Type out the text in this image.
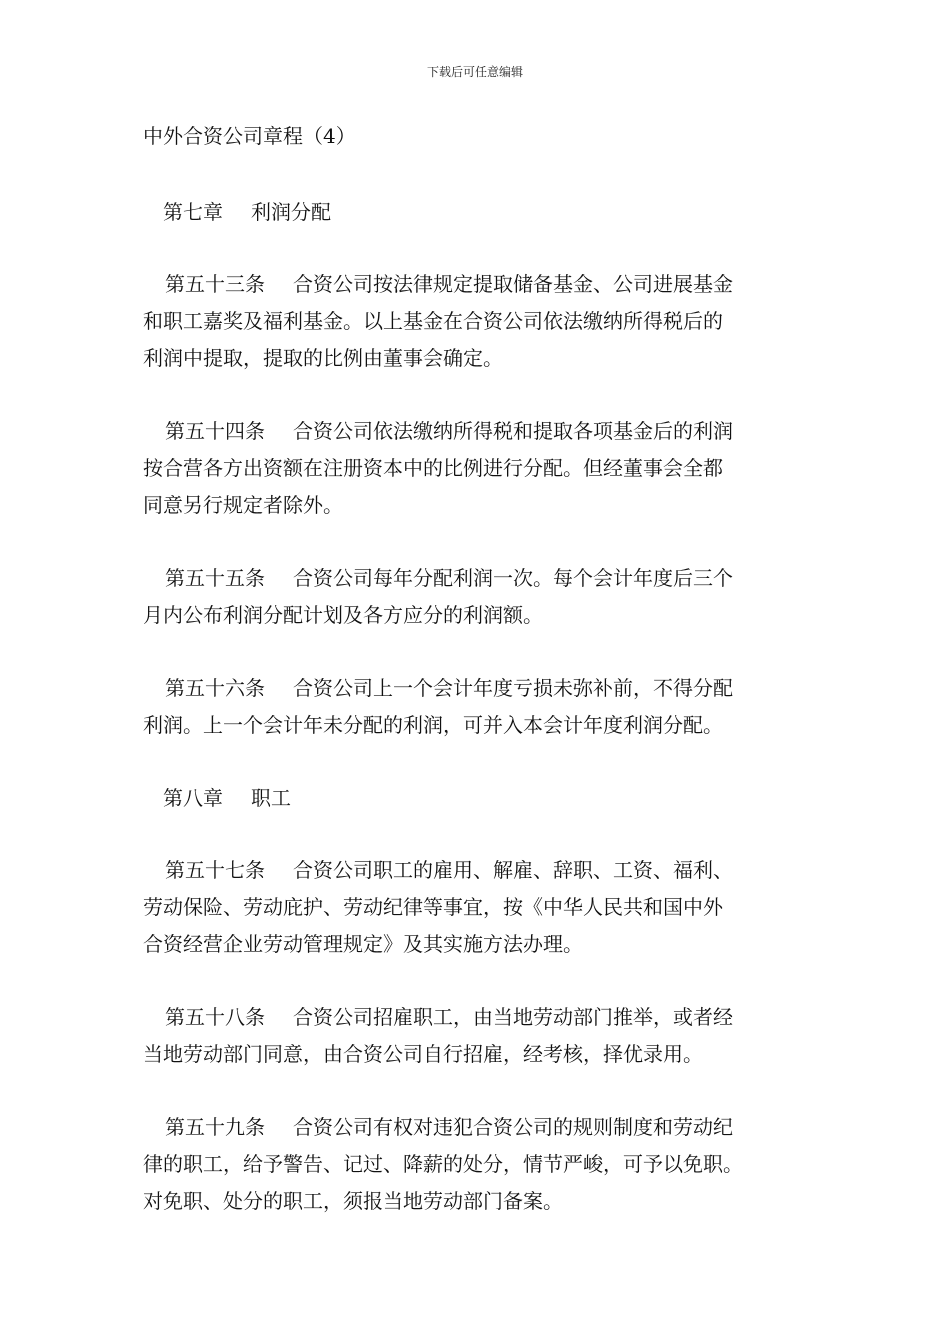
下载后可任意编辑
中外合资公司章程（4）

第七章 利润分配

第五十三条 合资公司按法律规定提取储备基金、公司进展基金
和职工嘉奖及福利基金。以上基金在合资公司依法缴纳所得税后的
利润中提取，提取的比例由董事会确定。
第五十四条 合资公司依法缴纳所得税和提取各项基金后的利润
按合营各方出资额在注册资本中的比例进行分配。但经董事会全都
同意另行规定者除外。
第五十五条 合资公司每年分配利润一次。每个会计年度后三个
月内公布利润分配计划及各方应分的利润额。
第五十六条 合资公司上一个会计年度亏损未弥补前，不得分配
利润。上一个会计年未分配的利润，可并入本会计年度利润分配。

第八章 职工

第五十七条 合资公司职工的雇用、解雇、辞职、工资、福利、
劳动保险、劳动庇护、劳动纪律等事宜，按《中华人民共和国中外
合资经营企业劳动管理规定》及其实施方法办理。
第五十八条 合资公司招雇职工，由当地劳动部门推举，或者经
当地劳动部门同意，由合资公司自行招雇，经考核，择优录用。
第五十九条 合资公司有权对违犯合资公司的规则制度和劳动纪
律的职工，给予警告、记过、降薪的处分，情节严峻，可予以免职。
对免职、处分的职工，须报当地劳动部门备案。
